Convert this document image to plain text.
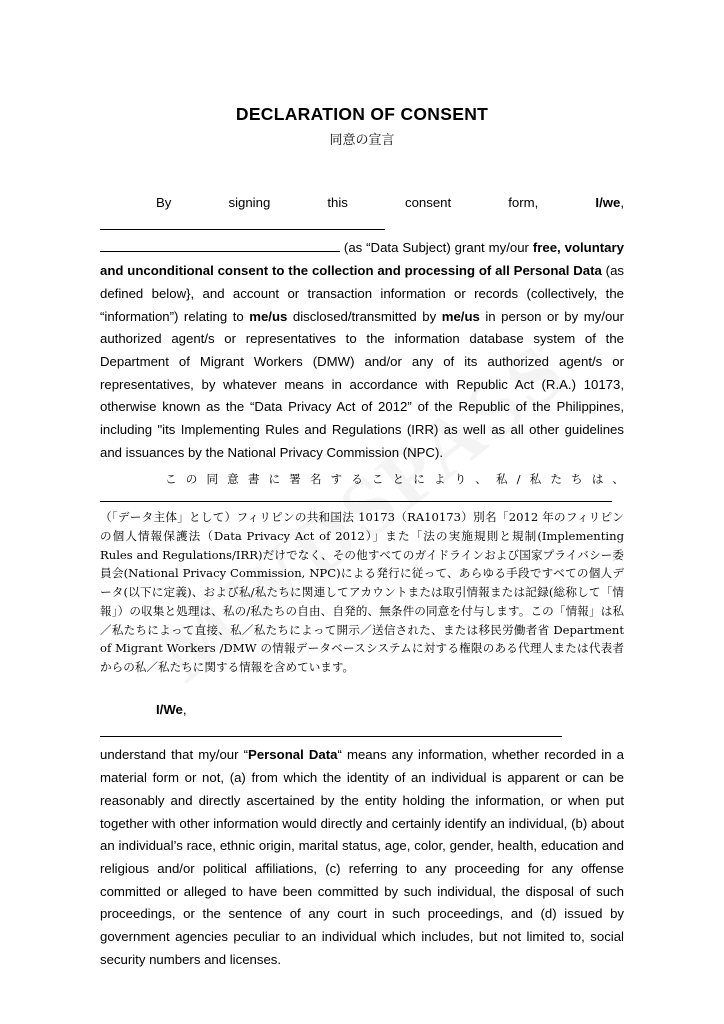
DECLARATION OF CONSENT
同意の宣言

By signing this consent form, I/we,  (as “Data Subject) grant my/our free, voluntary and unconditional consent to the collection and processing of all Personal Data (as defined below}, and account or transaction information or records (collectively, the “information”) relating to me/us disclosed/transmitted by me/us in person or by my/our authorized agent/s or representatives to the information database system of the Department of Migrant Workers (DMW) and/or any of its authorized agent/s or representatives, by whatever means in accordance with Republic Act (R.A.) 10173, otherwise known as the “Data Privacy Act of 2012” of the Republic of the Philippines, including "its Implementing Rules and Regulations (IRR) as well as all other guidelines and issuances by the National Privacy Commission (NPC).

この同意書に署名することにより、私/私たちは、（「データ主体」として）フィリピンの共和国法 10173（RA10173）別名「2012 年のフィリピンの個人情報保護法（Data Privacy Act of 2012）」また「法の実施規則と規制(Implementing Rules and Regulations/IRR)だけでなく、その他すべてのガイドラインおよび国家プライバシー委員会(National Privacy Commission, NPC)による発行に従って、あらゆる手段ですべての個人データ(以下に定義)、および私/私たちに関連してアカウントまたは取引情報または記録(総称して「情報」）の収集と処理は、私の/私たちの自由、自発的、無条件の同意を付与します。この「情報」は私／私たちによって直接、私／私たちによって開示／送信された、または移民労働者省 Department of Migrant Workers /DMW の情報データベースシステムに対する権限のある代理人または代表者からの私／私たちに関する情報を含めています。

I/We,  understand that my/our “Personal Data“ means any information, whether recorded in a material form or not, (a) from which the identity of an individual is apparent or can be reasonably and directly ascertained by the entity holding the information, or when put together with other information would directly and certainly identify an individual, (b) about an individual’s race, ethnic origin, marital status, age, color, gender, health, education and religious and/or political affiliations, (c) referring to any proceeding for any offense committed or alleged to have been committed by such individual, the disposal of such proceedings, or the sentence of any court in such proceedings, and (d) issued by government agencies peculiar to an individual which includes, but not limited to, social security numbers and licenses.
